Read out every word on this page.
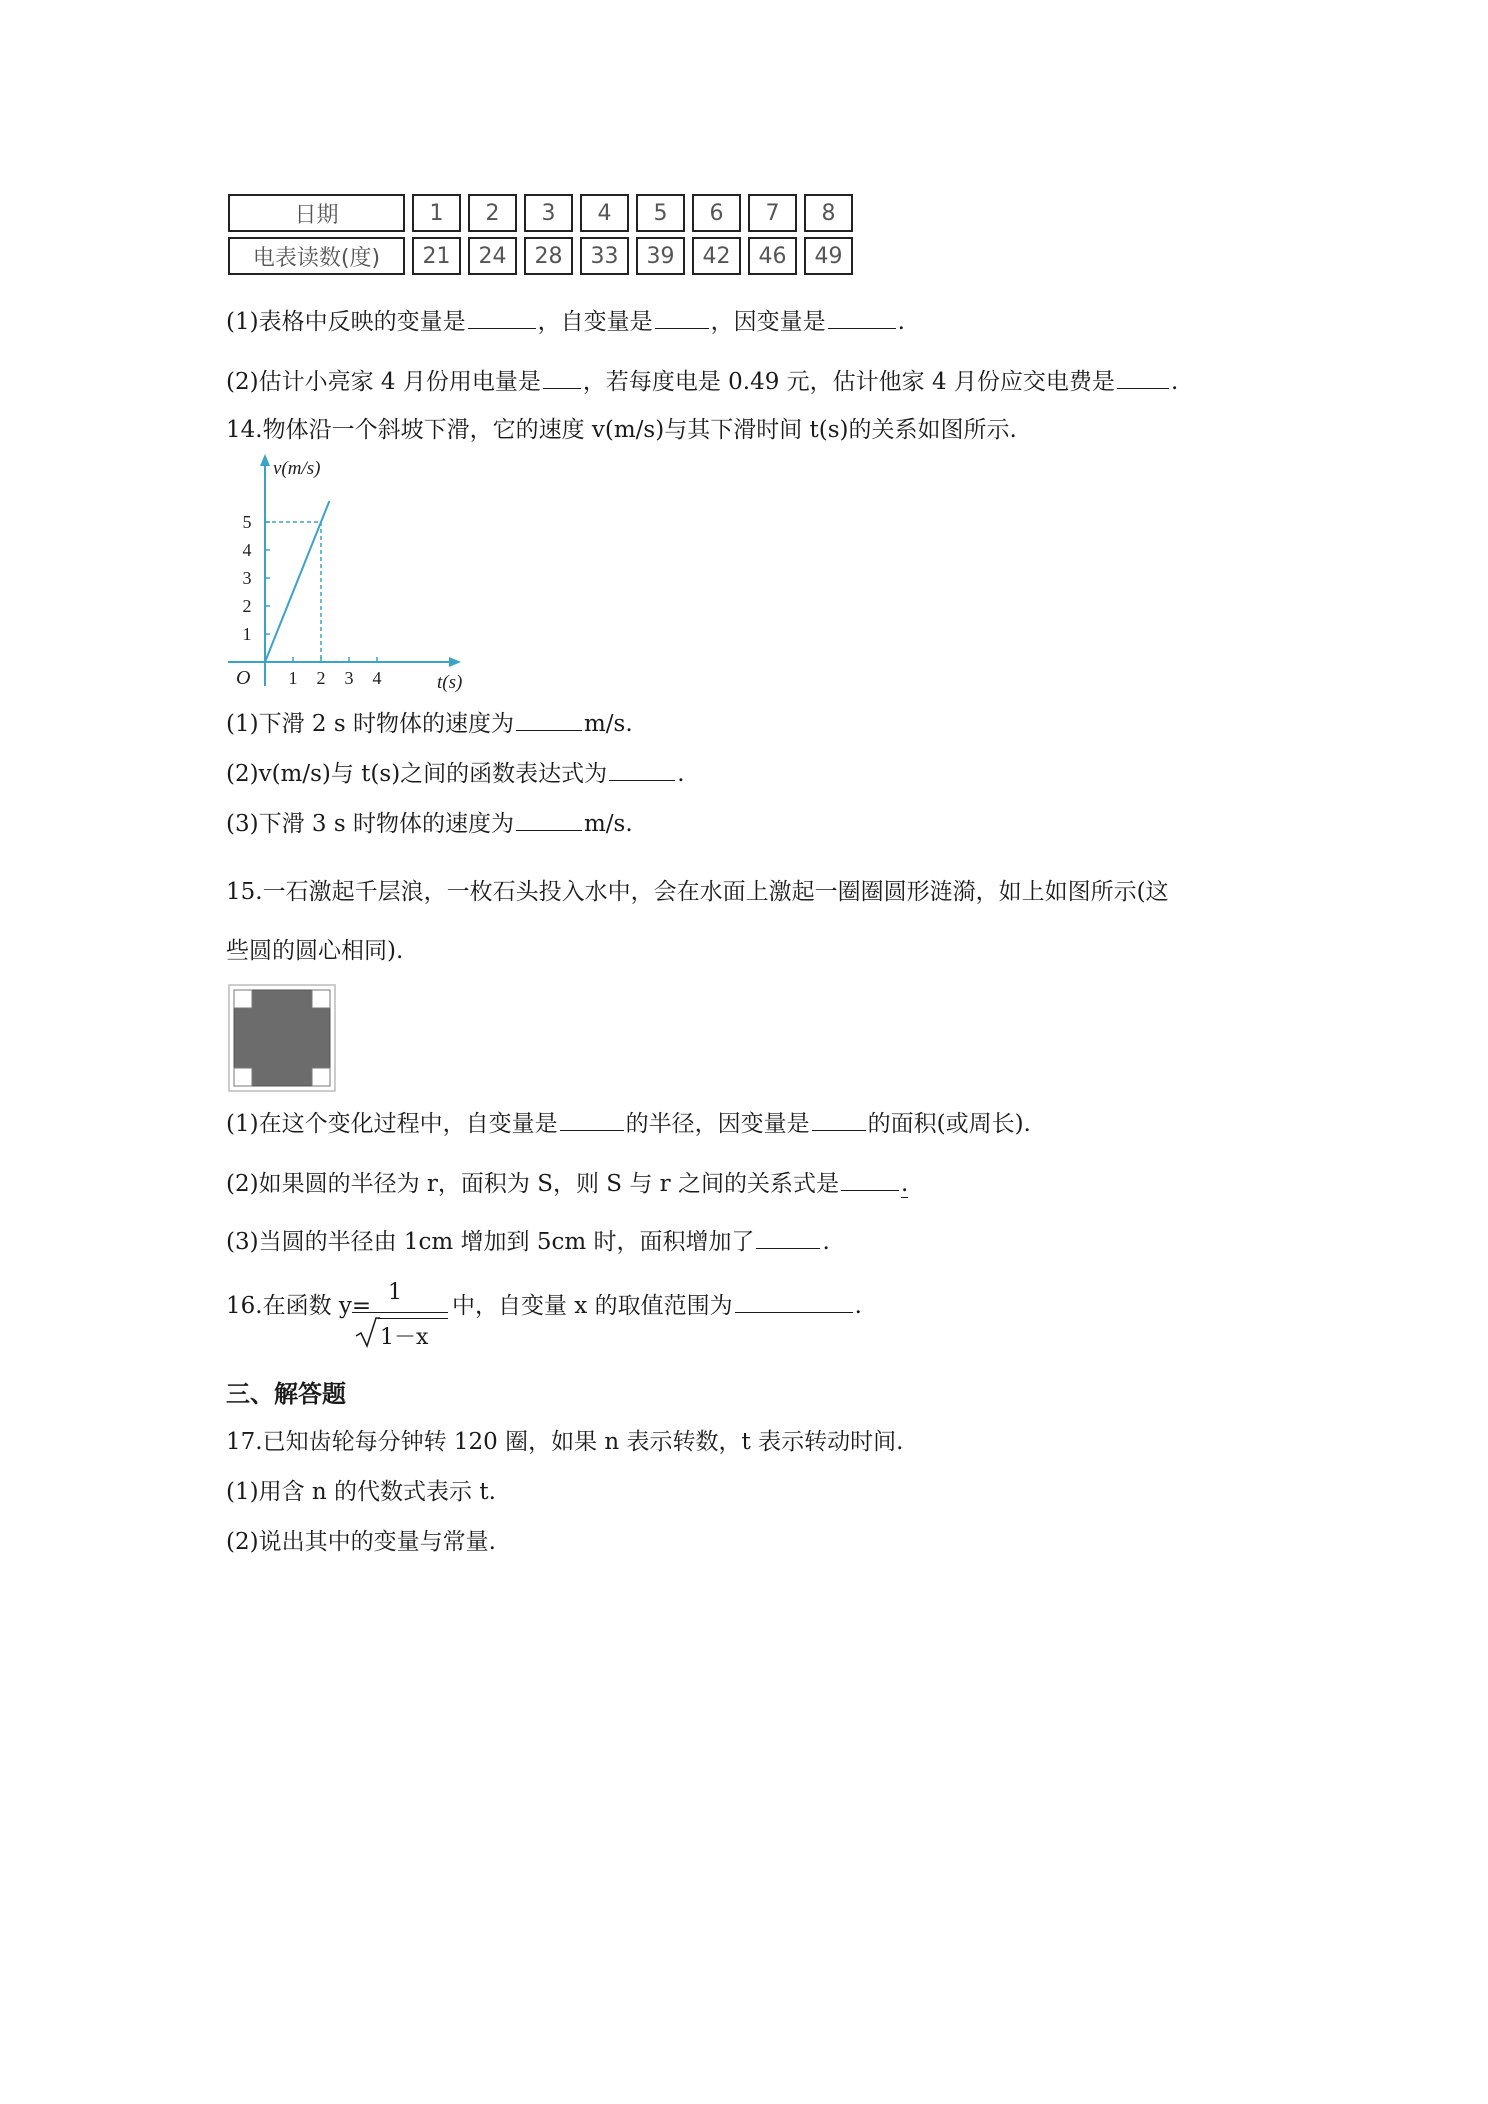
日期	1	2	3	4	5	6	7	8
电表读数(度)	21	24	28	33	39	42	46	49
(1)表格中反映的变量是	，自变量是	，因变量是	.
(2)估计小亮家 4 月份用电量是 ，若每度电是 0.49 元，估计他家 4 月份应交电费是 .
14.物体沿一个斜坡下滑，它的速度 v(m/s)与其下滑时间 t(s)的关系如图所示.
1 2 3 4
1
2
3
4
5
O	t(s)
v(m/s)
(1)下滑 2 s 时物体的速度为	m/s.
(2)v(m/s)与 t(s)之间的函数表达式为	.
(3)下滑 3 s 时物体的速度为	m/s.
15.一石激起千层浪，一枚石头投入水中，会在水面上激起一圈圈圆形涟漪，如上如图所示(这
些圆的圆心相同).
(1)在这个变化过程中，自变量是	的半径，因变量是	的面积(或周长).
(2)如果圆的半径为 r，面积为 S，则 S 与 r 之间的关系式是	.
(3)当圆的半径由 1cm 增加到 5cm 时，面积增加了	.
16.在函数 y=
1
1－x
中，自变量 x 的取值范围为	.
三、解答题
17.已知齿轮每分钟转 120 圈，如果 n 表示转数，t 表示转动时间.
(1)用含 n 的代数式表示 t.
(2)说出其中的变量与常量.
